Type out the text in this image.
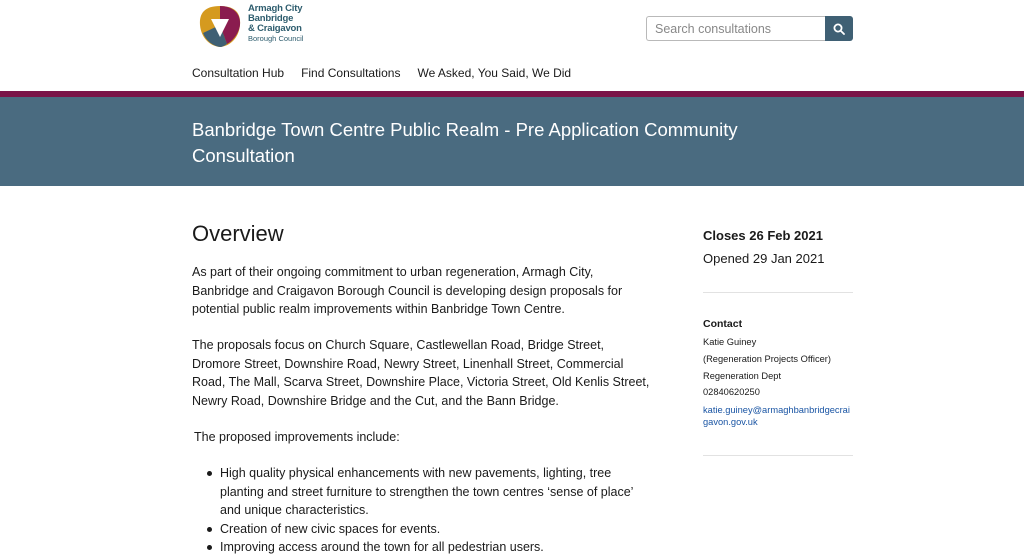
Armagh City
Banbridge
& Craigavon
Borough Council
Search consultations
Consultation Hub Find Consultations We Asked, You Said, We Did
Banbridge Town Centre Public Realm - Pre Application Community Consultation
Overview

As part of their ongoing commitment to urban regeneration, Armagh City, Banbridge and Craigavon Borough Council is developing design proposals for potential public realm improvements within Banbridge Town Centre.

The proposals focus on Church Square, Castlewellan Road, Bridge Street, Dromore Street, Downshire Road, Newry Street, Linenhall Street, Commercial Road, The Mall, Scarva Street, Downshire Place, Victoria Street, Old Kenlis Street, Newry Road, Downshire Bridge and the Cut, and the Bann Bridge.

The proposed improvements include:

High quality physical enhancements with new pavements, lighting, tree planting and street furniture to strengthen the town centres ‘sense of place’ and unique characteristics.
Creation of new civic spaces for events.
Improving access around the town for all pedestrian users.
Closes 26 Feb 2021
Opened 29 Jan 2021
Contact
Katie Guiney
(Regeneration Projects Officer)
Regeneration Dept
02840620250
katie.guiney@armaghbanbridgecraigavon.gov.uk
